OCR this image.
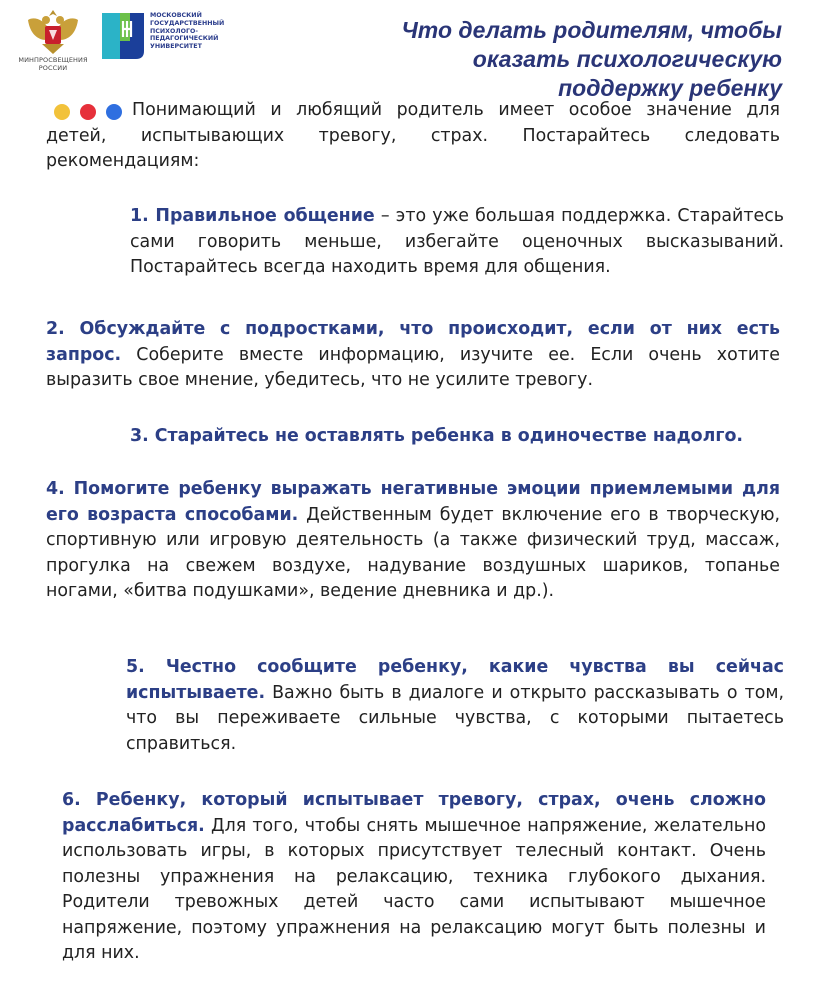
МИНПРОСВЕЩЕНИЯ РОССИИ
МОСКОВСКИЙ ГОСУДАРСТВЕННЫЙ ПСИХОЛОГО-ПЕДАГОГИЧЕСКИЙ УНИВЕРСИТЕТ
Что делать родителям, чтобы оказать психологическую поддержку ребенку
Понимающий и любящий родитель имеет особое значение для детей, испытывающих тревогу, страх. Постарайтесь следовать рекомендациям:
1. Правильное общение – это уже большая поддержка. Старайтесь сами говорить меньше, избегайте оценочных высказываний. Постарайтесь всегда находить время для общения.
2. Обсуждайте с подростками, что происходит, если от них есть запрос. Соберите вместе информацию, изучите ее. Если очень хотите выразить свое мнение, убедитесь, что не усилите тревогу.
3. Старайтесь не оставлять ребенка в одиночестве надолго.
4. Помогите ребенку выражать негативные эмоции приемлемыми для его возраста способами. Действенным будет включение его в творческую, спортивную или игровую деятельность (а также физический труд, массаж, прогулка на свежем воздухе, надувание воздушных шариков, топанье ногами, «битва подушками», ведение дневника и др.).
5. Честно сообщите ребенку, какие чувства вы сейчас испытываете. Важно быть в диалоге и открыто рассказывать о том, что вы переживаете сильные чувства, с которыми пытаетесь справиться.
6. Ребенку, который испытывает тревогу, страх, очень сложно расслабиться. Для того, чтобы снять мышечное напряжение, желательно использовать игры, в которых присутствует телесный контакт. Очень полезны упражнения на релаксацию, техника глубокого дыхания. Родители тревожных детей часто сами испытывают мышечное напряжение, поэтому упражнения на релаксацию могут быть полезны и для них.
